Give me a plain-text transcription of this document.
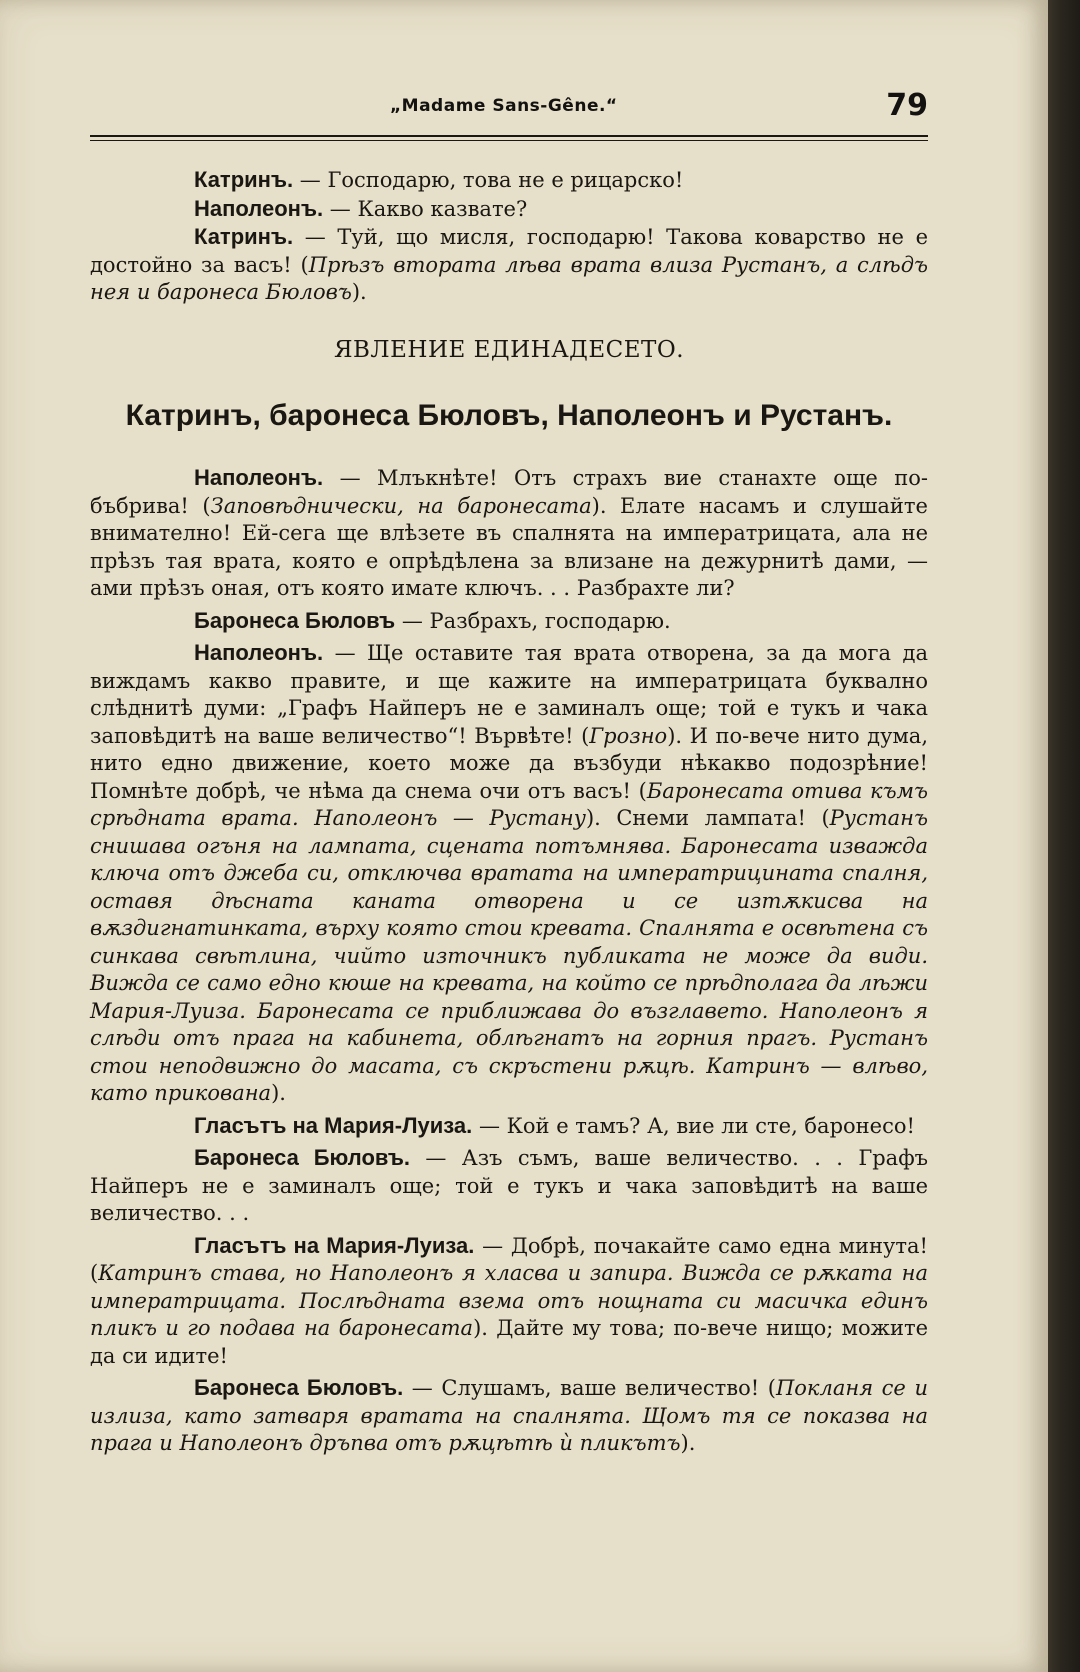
„Madame Sans-Gêne.“	79

Катринъ. — Господарю, това не е рицарско!

Наполеонъ. — Какво казвате?

Катринъ. — Туй, що мисля, господарю! Такова коварство не е достойно за васъ! (Прѣзъ втората лѣва врата влиза Рустанъ, а слѣдъ нея и баронеса Бюловъ).

ЯВЛЕНИЕ ЕДИНАДЕСЕТО.
Катринъ, баронеса Бюловъ, Наполеонъ и Рустанъ.

Наполеонъ. — Млъкнѣте! Отъ страхъ вие станахте още по-бъбрива! (Заповѣднически, на баронесата). Елате насамъ и слушайте внимателно! Ей-сега ще влѣзете въ спалнята на императрицата, ала не прѣзъ тая врата, която е опрѣдѣлена за влизане на дежурнитѣ дами, — ами прѣзъ оная, отъ която имате ключъ. . . Разбрахте ли?

Баронеса Бюловъ — Разбрахъ, господарю.

Наполеонъ. — Ще оставите тая врата отворена, за да мога да виждамъ какво правите, и ще кажите на императрицата буквално слѣднитѣ думи: „Графъ Найперъ не е заминалъ още; той е тукъ и чака заповѣдитѣ на ваше величество“! Вървѣте! (Грозно). И по-вече нито дума, нито едно движение, което може да възбуди нѣкакво подозрѣние! Помнѣте добрѣ, че нѣма да снема очи отъ васъ! (Баронесата отива къмъ срѣдната врата. Наполеонъ — Рустану). Снеми лампата! (Рустанъ снишава огъня на лампата, сцената потъмнява. Баронесата изважда ключа отъ джеба си, отключва вратата на императрицината спалня, оставя дѣсната каната отворена и се изтѫкисва на вѫздигнатинката, върху която стои кревата. Спалнята е освѣтена съ синкава свѣтлина, чийто източникъ публиката не може да види. Вижда се само едно кюше на кревата, на който се прѣдполага да лѣжи Мария-Луиза. Баронесата се приближава до възглавето. Наполеонъ я слѣди отъ прага на кабинета, облѣгнатъ на горния прагъ. Рустанъ стои неподвижно до масата, съ скръстени рѫцѣ. Катринъ — влѣво, като прикована).

Гласътъ на Мария-Луиза. — Кой е тамъ? А, вие ли сте, баронесо!

Баронеса Бюловъ. — Азъ съмъ, ваше величество. . . Графъ Найперъ не е заминалъ още; той е тукъ и чака заповѣдитѣ на ваше величество. . .

Гласътъ на Мария-Луиза. — Добрѣ, почакайте само една минута! (Катринъ става, но Наполеонъ я хласва и запира. Вижда се рѫката на императрицата. Послѣдната взема отъ нощната си масичка единъ пликъ и го подава на баронесата). Дайте му това; по-вече нищо; можите да си идите!

Баронеса Бюловъ. — Слушамъ, ваше величество! (Покланя се и излиза, като затваря вратата на спалнята. Щомъ тя се показва на прага и Наполеонъ дръпва отъ рѫцѣтѣ ѝ пликътъ).
